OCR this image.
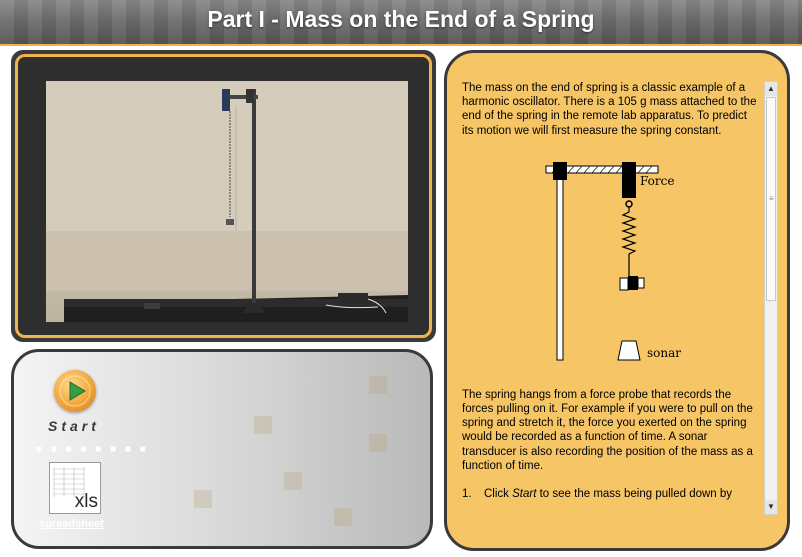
Part I - Mass on the End of a Spring
Start
■ ■ ■ ■ ■ ■ ■ ■
xls
spreadsheet

The mass on the end of spring is a classic example of a harmonic oscillator. There is a 105 g mass attached to the end of the spring in the remote lab apparatus. To predict its motion we will first measure the spring constant.

Force
sonar

The spring hangs from a force probe that records the forces pulling on it. For example if you were to pull on the spring and stretch it, the force you exerted on the spring would be recorded as a function of time. A sonar transducer is also recording the position of the mass as a function of time.

1. Click Start to see the mass being pulled down by

▲
≡
▼
